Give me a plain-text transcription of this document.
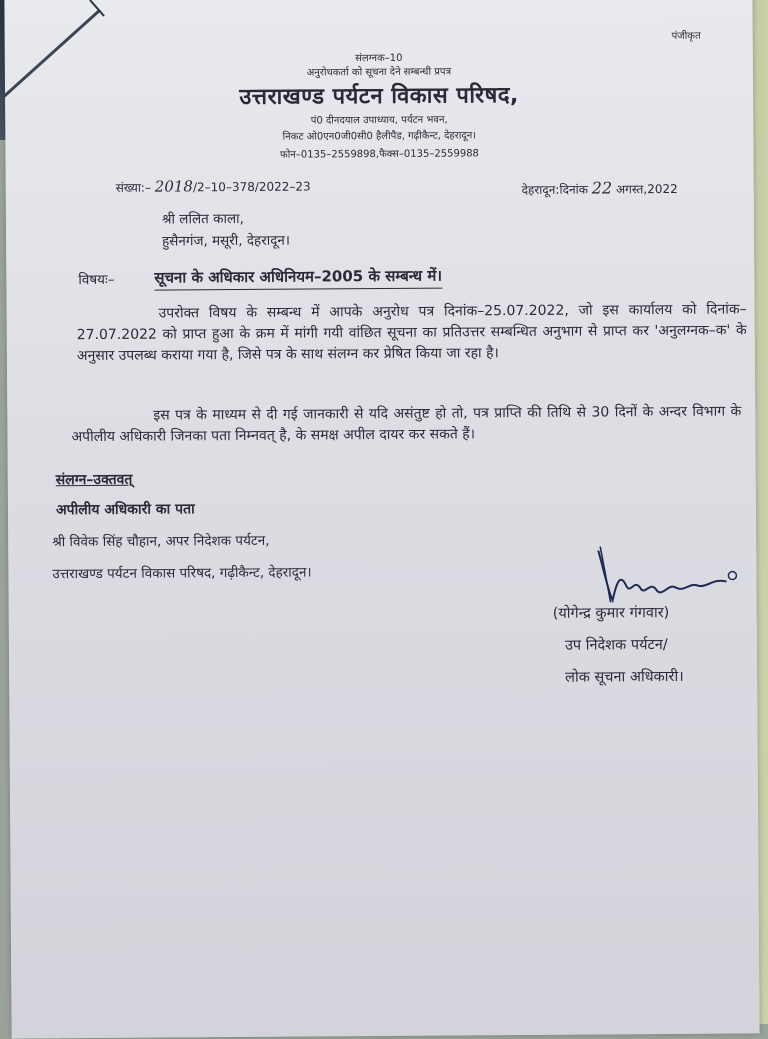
पंजीकृत
संलग्नक–10
अनुरोधकर्ता को सूचना देने सम्बन्धी प्रपत्र
उत्तराखण्ड पर्यटन विकास परिषद,
पं0 दीनदयाल उपाध्याय, पर्यटन भवन,
निकट ओ0एन0जी0सी0 हैलीपैड, गढ़ीकैन्ट, देहरादून।
फोन–0135–2559898,फैक्स–0135–2559988
संख्या:– 2018/2–10–378/2022–23	देहरादून:दिनांक 22 अगस्त,2022
श्री ललित काला,
हुसैनगंज, मसूरी, देहरादून।
विषयः–	सूचना के अधिकार अधिनियम–2005 के सम्बन्ध में।
उपरोक्त विषय के सम्बन्ध में आपके अनुरोध पत्र दिनांक–25.07.2022, जो इस कार्यालय को दिनांक–27.07.2022 को प्राप्त हुआ के क्रम में मांगी गयी वांछित सूचना का प्रतिउत्तर सम्बन्धित अनुभाग से प्राप्त कर 'अनुलग्नक–क' के अनुसार उपलब्ध कराया गया है, जिसे पत्र के साथ संलग्न कर प्रेषित किया जा रहा है।
इस पत्र के माध्यम से दी गई जानकारी से यदि असंतुष्ट हो तो, पत्र प्राप्ति की तिथि से 30 दिनों के अन्दर विभाग के अपीलीय अधिकारी जिनका पता निम्नवत् है, के समक्ष अपील दायर कर सकते हैं।
संलग्न–उक्तवत्
अपीलीय अधिकारी का पता
श्री विवेक सिंह चौहान, अपर निदेशक पर्यटन,
उत्तराखण्ड पर्यटन विकास परिषद, गढ़ीकैन्ट, देहरादून।
(योगेन्द्र कुमार गंगवार)
उप निदेशक पर्यटन/
लोक सूचना अधिकारी।
